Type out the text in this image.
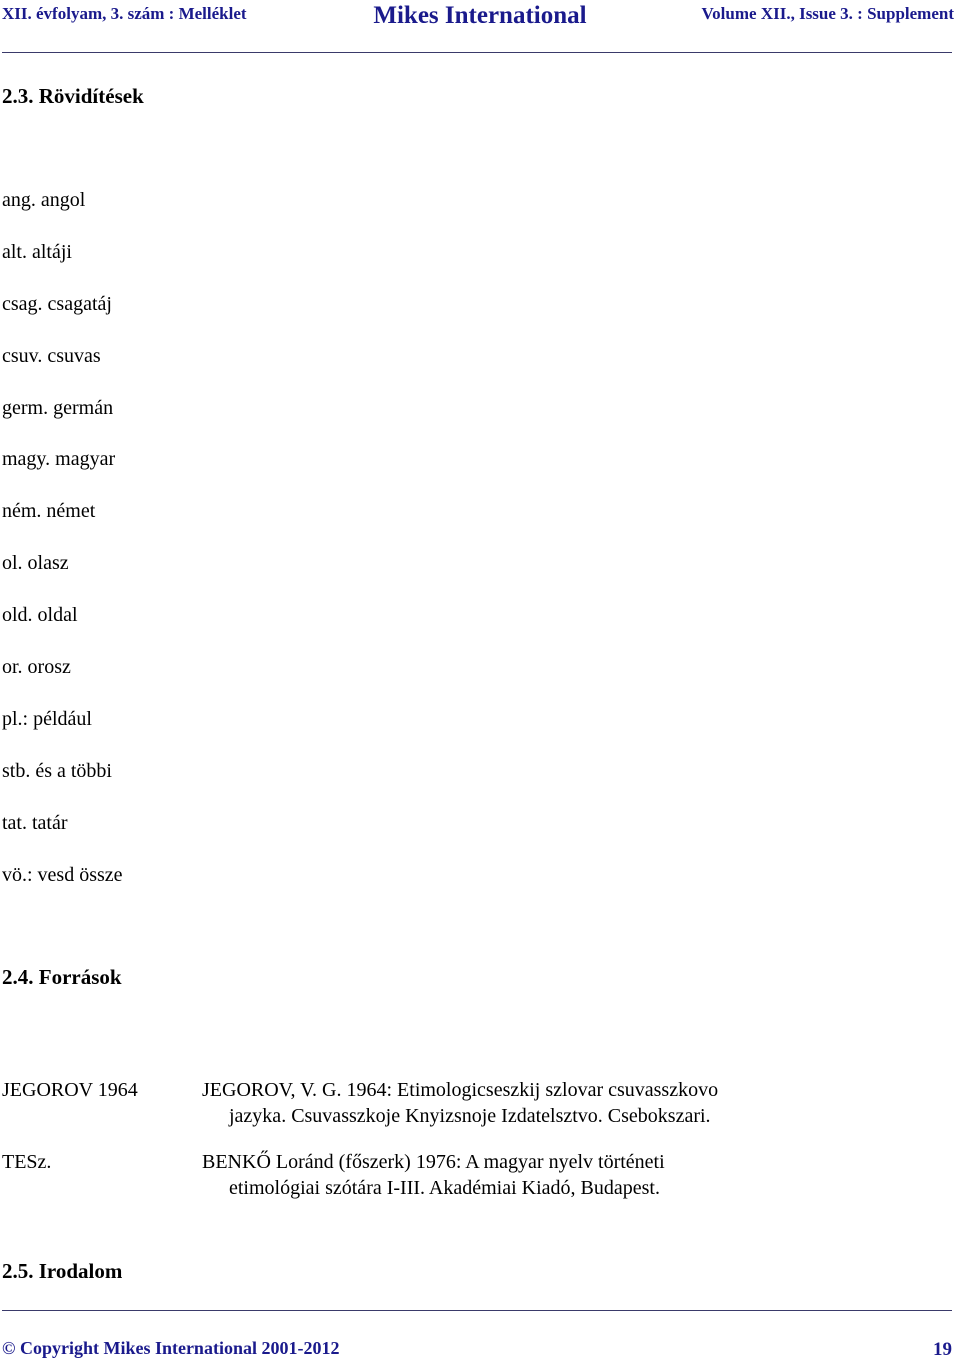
XII. évfolyam, 3. szám : Melléklet	Mikes International	Volume XII., Issue 3. : Supplement
2.3. Rövidítések
ang. angol
alt. altáji
csag. csagatáj
csuv. csuvas
germ. germán
magy. magyar
ném. német
ol. olasz
old. oldal
or. orosz
pl.: például
stb. és a többi
tat. tatár
vö.: vesd össze
2.4. Források
JEGOROV 1964	JEGOROV, V. G. 1964: Etimologicseszkij szlovar csuvasszkovo
jazyka. Csuvasszkoje Knyizsnoje Izdatelsztvo. Csebokszari.
TESz.	BENKŐ Loránd (főszerk) 1976: A magyar nyelv történeti
etimológiai szótára I-III. Akadémiai Kiadó, Budapest.
2.5. Irodalom
© Copyright Mikes International 2001-2012	19
